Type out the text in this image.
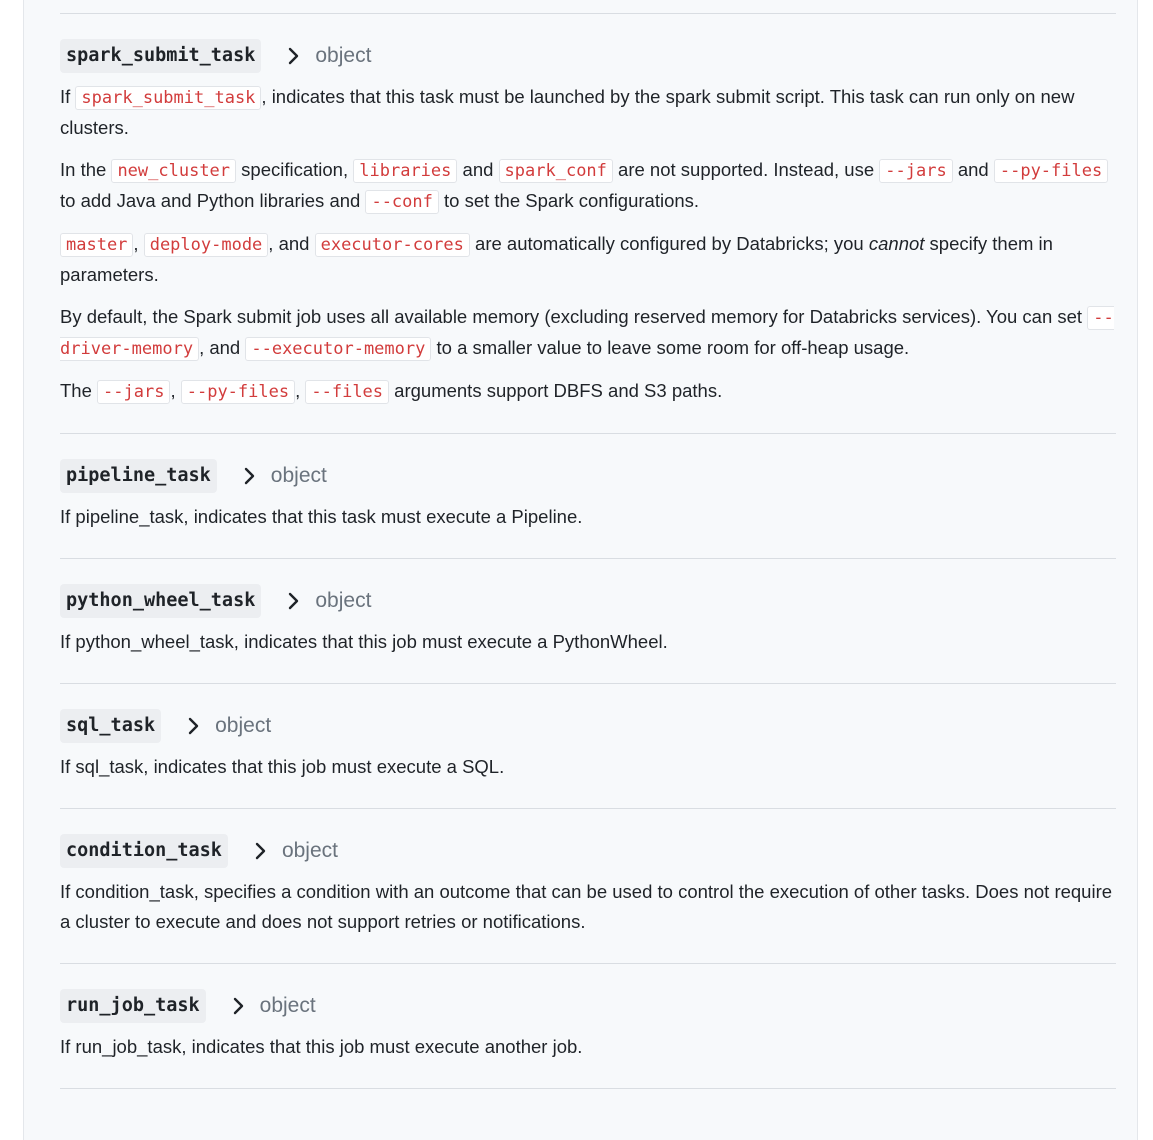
spark_submit_task	object

If spark_submit_task , indicates that this task must be launched by the spark submit script. This task can run only on new clusters.

In the new_cluster specification, libraries and spark_conf are not supported. Instead, use --jars and --py-files to add Java and Python libraries and --conf to set the Spark configurations.

master , deploy-mode , and executor-cores are automatically configured by Databricks; you cannot specify them in parameters.

By default, the Spark submit job uses all available memory (excluding reserved memory for Databricks services). You can set --driver-memory , and --executor-memory to a smaller value to leave some room for off-heap usage.

The --jars , --py-files , --files arguments support DBFS and S3 paths.

pipeline_task	object

If pipeline_task, indicates that this task must execute a Pipeline.

python_wheel_task	object

If python_wheel_task, indicates that this job must execute a PythonWheel.

sql_task	object

If sql_task, indicates that this job must execute a SQL.

condition_task	object

If condition_task, specifies a condition with an outcome that can be used to control the execution of other tasks. Does not require a cluster to execute and does not support retries or notifications.

run_job_task	object

If run_job_task, indicates that this job must execute another job.
